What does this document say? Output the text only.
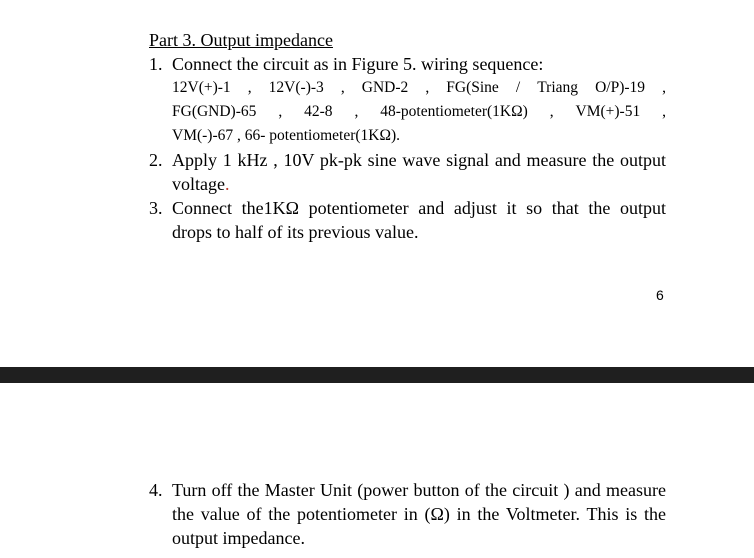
Part 3. Output impedance
1. Connect the circuit as in Figure 5. wiring sequence:
12V(+)-1 , 12V(-)-3 , GND-2 , FG(Sine / Triang O/P)-19 ,
FG(GND)-65 , 42-8 , 48-potentiometer(1KΩ) , VM(+)-51 ,
VM(-)-67 , 66- potentiometer(1KΩ).
2. Apply 1 kHz , 10V pk-pk sine wave signal and measure the output
voltage.
3. Connect the1KΩ potentiometer and adjust it so that the output
drops to half of its previous value.
6
4. Turn off the Master Unit (power button of the circuit ) and measure
the value of the potentiometer in (Ω) in the Voltmeter. This is the
output impedance.
